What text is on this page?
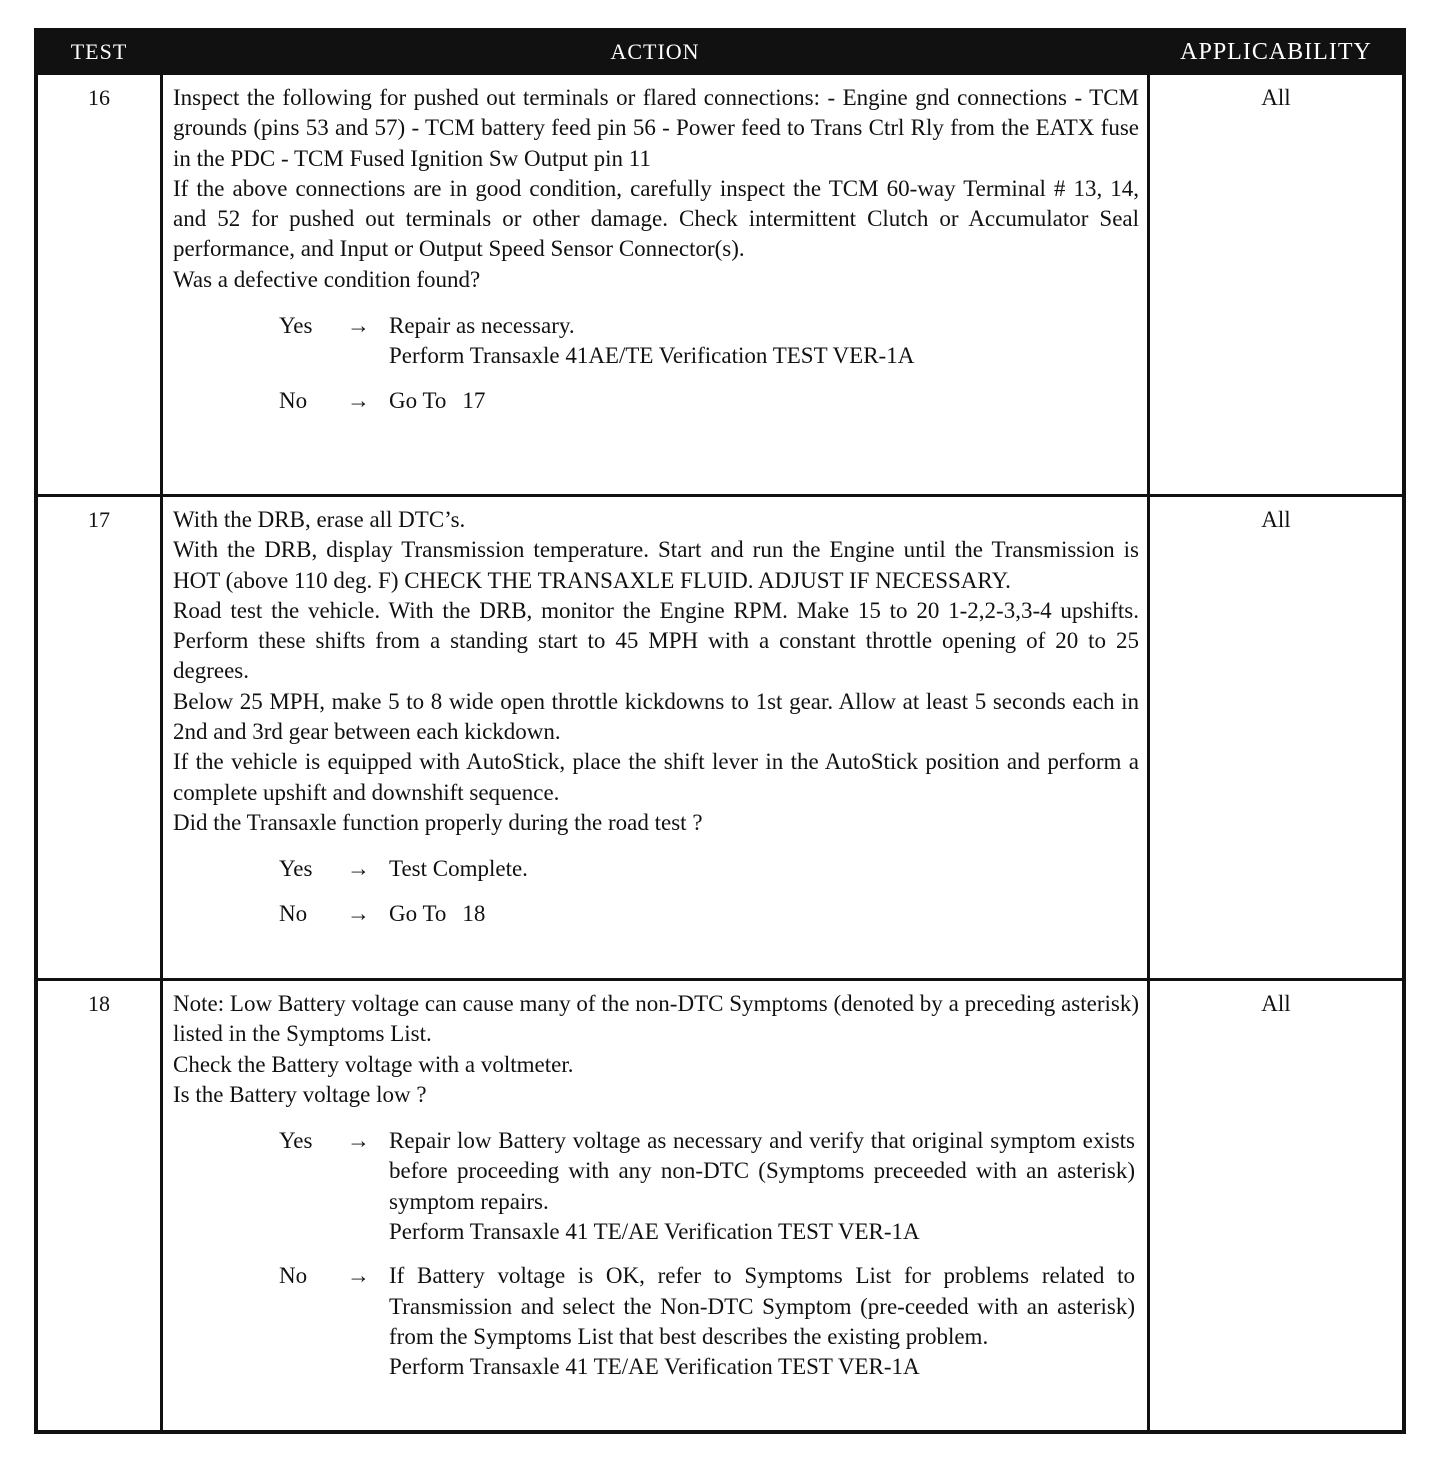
TEST	ACTION	APPLICABILITY
16	Inspect the following for pushed out terminals or flared connections: - Engine gnd connections - TCM grounds (pins 53 and 57) - TCM battery feed pin 56 - Power feed to Trans Ctrl Rly from the EATX fuse in the PDC - TCM Fused Ignition Sw Output pin 11

If the above connections are in good condition, carefully inspect the TCM 60-way Terminal # 13, 14, and 52 for pushed out terminals or other damage. Check intermittent Clutch or Accumulator Seal performance, and Input or Output Speed Sensor Connector(s).

Was a defective condition found?

Yes	→ Repair as necessary.
Perform Transaxle 41AE/TE Verification TEST VER-1A
No	→ Go To 17
All
17	With the DRB, erase all DTC’s.

With the DRB, display Transmission temperature. Start and run the Engine until the Transmission is HOT (above 110 deg. F) CHECK THE TRANSAXLE FLUID. ADJUST IF NECESSARY.

Road test the vehicle. With the DRB, monitor the Engine RPM. Make 15 to 20 1-2,2-3,3-4 upshifts. Perform these shifts from a standing start to 45 MPH with a constant throttle opening of 20 to 25 degrees.

Below 25 MPH, make 5 to 8 wide open throttle kickdowns to 1st gear. Allow at least 5 seconds each in 2nd and 3rd gear between each kickdown.

If the vehicle is equipped with AutoStick, place the shift lever in the AutoStick position and perform a complete upshift and downshift sequence.

Did the Transaxle function properly during the road test ?

Yes	→ Test Complete.
No	→ Go To 18
All
18	Note: Low Battery voltage can cause many of the non-DTC Symptoms (denoted by a preceding asterisk) listed in the Symptoms List.

Check the Battery voltage with a voltmeter.

Is the Battery voltage low ?

Yes	→ Repair low Battery voltage as necessary and verify that original symptom exists before proceeding with any non-DTC (Symptoms preceeded with an asterisk) symptom repairs.
Perform Transaxle 41 TE/AE Verification TEST VER-1A
No	→ If Battery voltage is OK, refer to Symptoms List for problems related to Transmission and select the Non-DTC Symptom (pre-ceeded with an asterisk) from the Symptoms List that best describes the existing problem.
Perform Transaxle 41 TE/AE Verification TEST VER-1A
All
